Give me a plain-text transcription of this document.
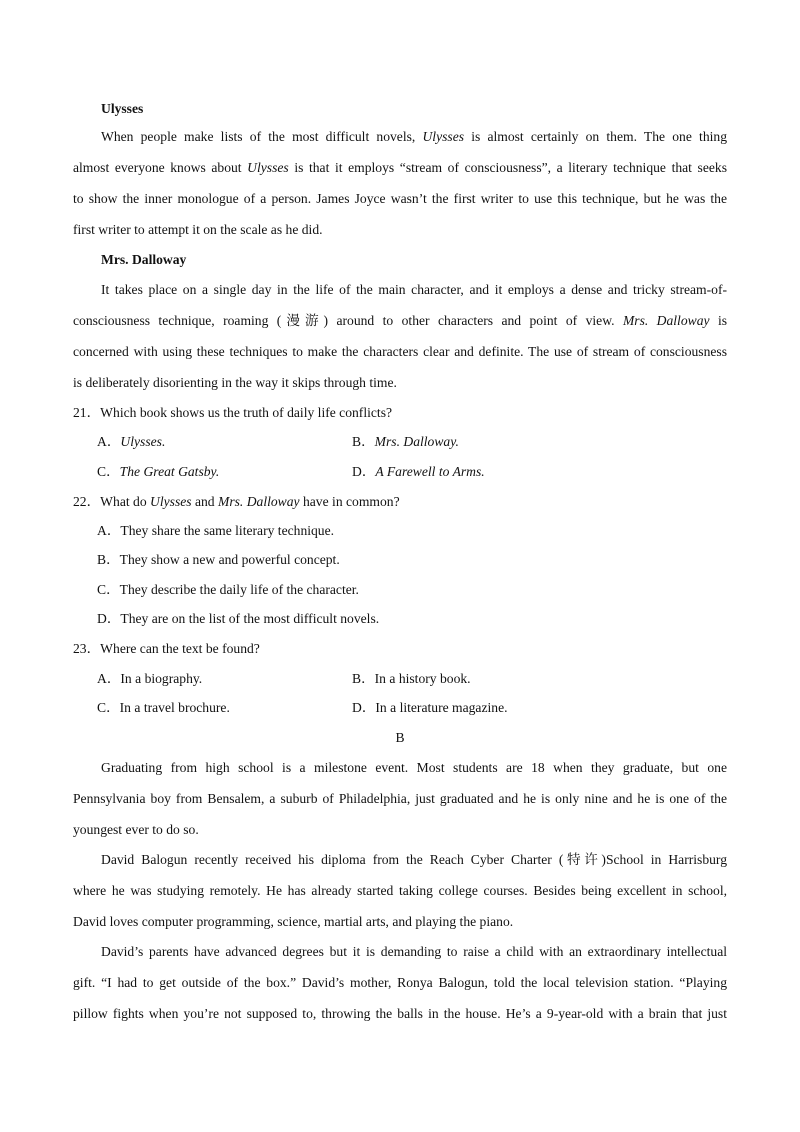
Ulysses
When people make lists of the most difficult novels, Ulysses is almost certainly on them. The one thing
almost everyone knows about Ulysses is that it employs “stream of consciousness”, a literary technique that seeks
to show the inner monologue of a person. James Joyce wasn’t the first writer to use this technique, but he was the
first writer to attempt it on the scale as he did.
Mrs. Dalloway
It takes place on a single day in the life of the main character, and it employs a dense and tricky stream-of-
consciousness technique, roaming (漫游) around to other characters and point of view. Mrs. Dalloway is
concerned with using these techniques to make the characters clear and definite. The use of stream of consciousness
is deliberately disorienting in the way it skips through time.
21．Which book shows us the truth of daily life conflicts?
A．Ulysses.	B．Mrs. Dalloway.
C．The Great Gatsby.	D．A Farewell to Arms.
22．What do Ulysses and Mrs. Dalloway have in common?
A．They share the same literary technique.
B．They show a new and powerful concept.
C．They describe the daily life of the character.
D．They are on the list of the most difficult novels.
23．Where can the text be found?
A．In a biography.	B．In a history book.
C．In a travel brochure.	D．In a literature magazine.
B
Graduating from high school is a milestone event. Most students are 18 when they graduate, but one
Pennsylvania boy from Bensalem, a suburb of Philadelphia, just graduated and he is only nine and he is one of the
youngest ever to do so.
David Balogun recently received his diploma from the Reach Cyber Charter (特许)School in Harrisburg
where he was studying remotely. He has already started taking college courses. Besides being excellent in school,
David loves computer programming, science, martial arts, and playing the piano.
David’s parents have advanced degrees but it is demanding to raise a child with an extraordinary intellectual
gift. “I had to get outside of the box.” David’s mother, Ronya Balogun, told the local television station. “Playing
pillow fights when you’re not supposed to, throwing the balls in the house. He’s a 9-year-old with a brain that just
